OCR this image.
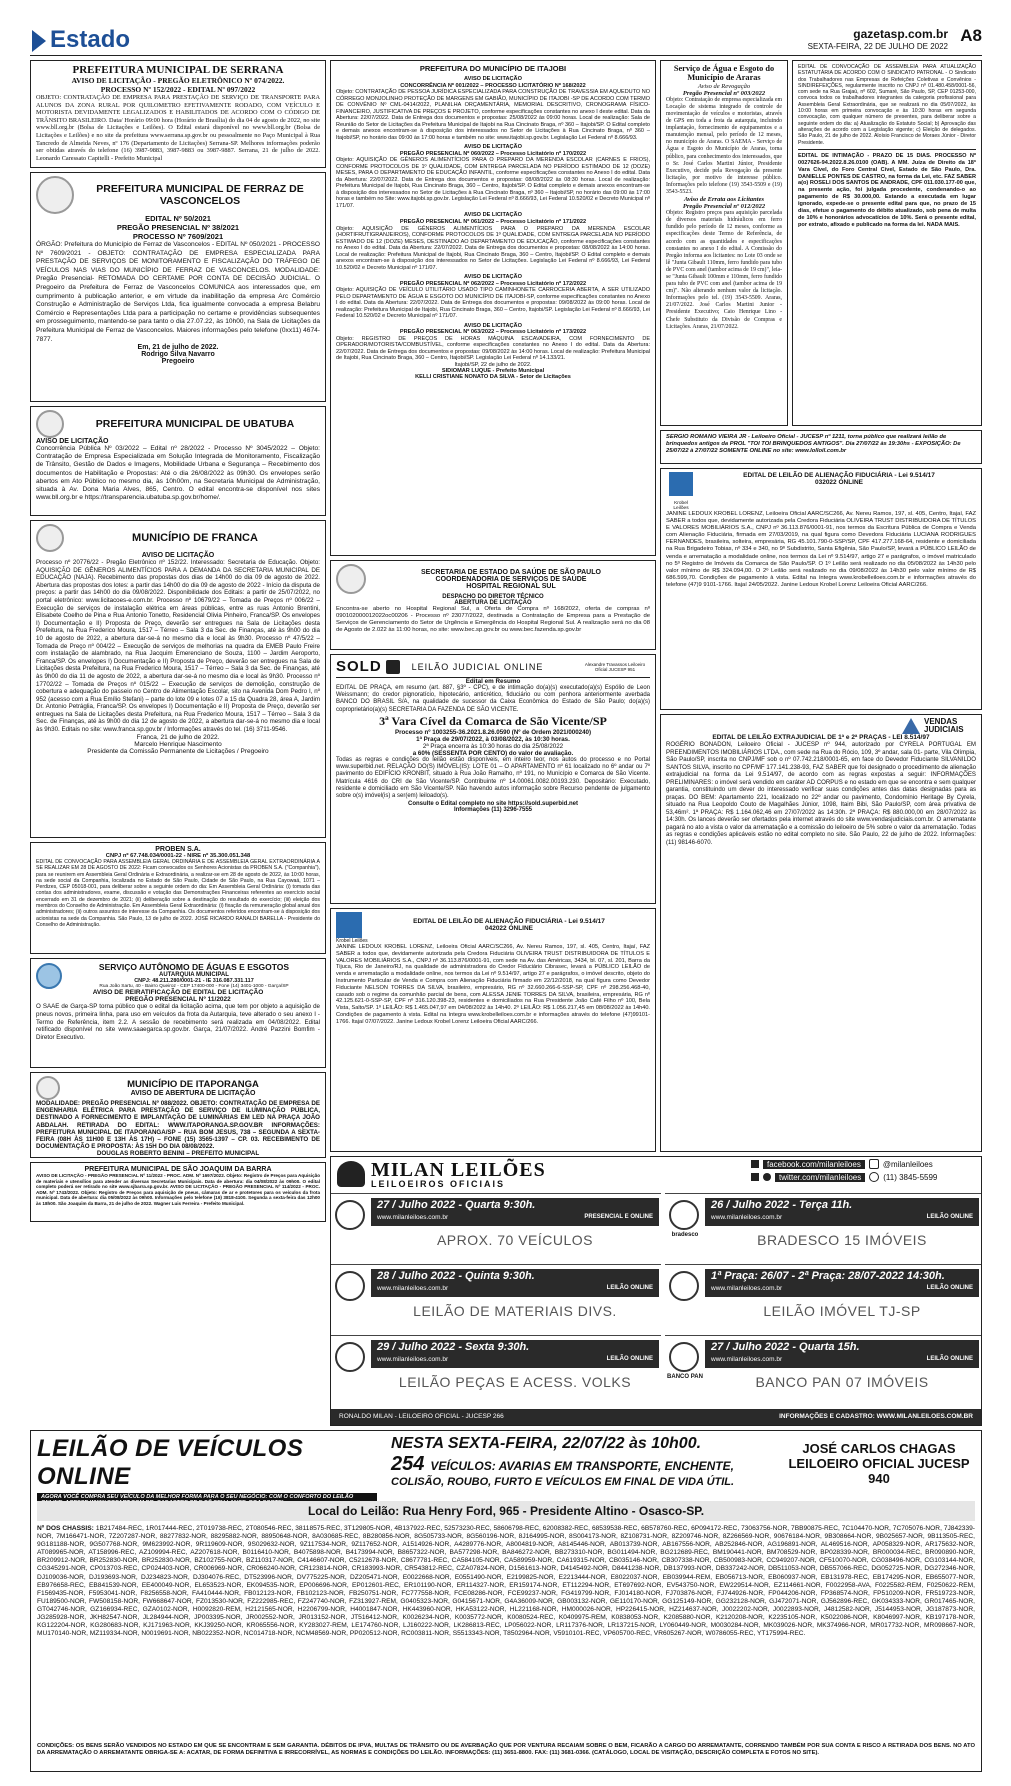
Estado	gazetasp.com.br A8
SEXTA-FEIRA, 22 DE JULHO DE 2022
PREFEITURA MUNICIPAL DE SERRANA
AVISO DE LICITAÇÃO - PREGÃO ELETRÔNICO Nº 074/2022.
PROCESSO Nº 152/2022 - EDITAL Nº 097/2022
OBJETO: CONTRATAÇÃO DE EMPRESA PARA PRESTAÇÃO DE SERVIÇO DE TRANSPORTE PARA ALUNOS DA ZONA RURAL POR QUILOMETRO EFETIVAMENTE RODADO, COM VEÍCULO E MOTORISTA DEVIDAMENTE LEGALIZADOS E HABILITADOS DE ACORDO COM O CÓDIGO DE TRÂNSITO BRASILEIRO. Data/ Horário 09:00 hora (Horário de Brasília) do dia 04 de agosto de 2022, no site www.bll.org.br (Bolsa de Licitações e Leilões). O Edital estará disponível no www.bll.org.br (Bolsa de Licitações e Leilões) e no site da prefeitura www.serrana.sp.gov.br ou pessoalmente no Paço Municipal à Rua Tancredo de Almeida Neves, nº 176 (Departamento de Licitações) Serrana-SP. Melhores informações poderão ser obtidas através do telefone (16) 3987-9883, 3987-9883 ou 3987-9887. Serrana, 21 de julho de 2022. Leonardo Caressato Capitelli - Prefeito Municipal
PREFEITURA MUNICIPAL DE FERRAZ DE VASCONCELOS
EDITAL Nº 50/2021
PREGÃO PRESENCIAL Nº 38/2021
PROCESSO Nº 7609/2021
ÓRGÃO: Prefeitura do Município de Ferraz de Vasconcelos - EDITAL Nº 050/2021 - PROCESSO Nº 7609/2021 - OBJETO: CONTRATAÇÃO DE EMPRESA ESPECIALIZADA PARA PRESTAÇÃO DE SERVIÇOS DE MONITORAMENTO E FISCALIZAÇÃO DO TRÁFEGO DE VEÍCULOS NAS VIAS DO MUNICÍPIO DE FERRAZ DE VASCONCELOS. MODALIDADE: Pregão Presencial- RETOMADA DO CERTAME POR CONTA DE DECISÃO JUDICIAL. O Pregoeiro da Prefeitura de Ferraz de Vasconcelos COMUNICA aos interessados que, em cumprimento à publicação anterior, e em virtude da inabilitação da empresa Arc Comércio Construção e Administração de Serviços Ltda, fica igualmente convocada a empresa Belabru Comércio e Representações Ltda para a participação no certame e providências subsequentes em prosseguimento, mantendo-se para tanto o dia 27.07.22, às 10h00, na Sala de Licitações da Prefeitura Municipal de Ferraz de Vasconcelos. Maiores informações pelo telefone (0xx11) 4674-7877.
Em, 21 de julho de 2022.
Rodrigo Silva Navarro
Pregoeiro
PREFEITURA MUNICIPAL DE UBATUBA
AVISO DE LICITAÇÃO
Concorrência Pública Nº 03/2022 – Edital nº 28/2022 - Processo Nº 3045/2022 – Objeto: Contratação de Empresa Especializada em Solução Integrada de Monitoramento, Fiscalização de Trânsito, Gestão de Dados e Imagens, Mobilidade Urbana e Segurança – Recebimento dos documentos de Habilitação e Propostas: Até o dia 26/08/2022 às 09h30. Os envelopes serão abertos em Ato Público no mesmo dia, às 10h00m, na Secretaria Municipal de Administração, situada à Av. Dona Maria Alves, 865, Centro. O edital encontra-se disponível nos sites www.bll.org.br e https://transparencia.ubatuba.sp.gov.br/home/.
MUNICÍPIO DE FRANCA
AVISO DE LICITAÇÃO
Processo nº 20776/22 - Pregão Eletrônico nº 152/22. Interessado: Secretaria de Educação. Objeto: AQUISIÇÃO DE GÊNEROS ALIMENTÍCIOS PARA A DEMANDA DA SECRETARIA MUNICIPAL DE EDUCAÇÃO (NAJA). Recebimento das propostas dos dias de 14h00 do dia 09 de agosto de 2022. Abertura das propostas dos lotes: a partir das 14h00 do dia 09 de agosto de 2022 - Início da disputa de preços: a partir das 14h00 do dia 09/08/2022. Disponibilidade dos Editais: a partir de 25/07/2022, no portal eletrônico: www.licitacoes-e.com.br. Processo nº 10679/22 – Tomada de Preços nº 006/22 – Execução de serviços de instalação elétrica em áreas públicas, entre as ruas Antonio Brentini, Elisabete Coelho de Pina e Rua Antonio Tonetto, Residencial Olivia Pinheiro, Franca/SP. Os envelopes I) Documentação e II) Proposta de Preço, deverão ser entregues na Sala de Licitações desta Prefeitura, na Rua Frederico Moura, 1517 – Térreo – Sala 3 da Sec. de Finanças, até às 9h00 do dia 10 de agosto de 2022, a abertura dar-se-á no mesmo dia e local às 9h30. Processo nº 47/5/22 – Tomada de Preço nº 004/22 – Execução de serviços de melhorias na quadra da EMEB Paulo Freire com instalação de alambrado, na Rua Jacquim Emerenciano de Souza, 1100 – Jardim Aeroporto, Franca/SP. Os envelopes I) Documentação e II) Proposta de Preço, deverão ser entregues na Sala de Licitações desta Prefeitura, na Rua Frederico Moura, 1517 – Térreo – Sala 3 da Sec. de Finanças, até às 9h00 do dia 11 de agosto de 2022, a abertura dar-se-á no mesmo dia e local às 9h30. Processo nº 17702/22 – Tomada de Preços nº 015/22 – Execução de serviços de demolição, construção de cobertura e adequação do passeio no Centro de Alimentação Escolar, sito na Avenida Dom Pedro I, nº 952 (acesso com a Rua Emílio Stefani) – parte do lote 09 e lotes 07 a 15 da Quadra 28, área A, Jardim Dr. Antonio Petráglia, Franca/SP. Os envelopes I) Documentação e II) Proposta de Preço, deverão ser entregues na Sala de Licitações desta Prefeitura, na Rua Frederico Moura, 1517 – Térreo – Sala 3 da Sec. de Finanças, até às 9h00 do dia 12 de agosto de 2022, a abertura dar-se-á no mesmo dia e local às 9h30. Editais no site: www.franca.sp.gov.br / Informações através do tel. (16) 3711-9546.
Franca, 21 de julho de 2022.
Marcelo Henrique Nascimento
Presidente da Comissão Permanente de Licitações / Pregoeiro
PROBEN S.A.
CNPJ nº 67.748.034/0001-22 - NIRE nº 35.300.051.348
EDITAL DE CONVOCAÇÃO PARA ASSEMBLEIA GERAL ORDINÁRIA E DE ASSEMBLEIA GERAL EXTRAORDINÁRIA A SE REALIZAR EM 28 DE AGOSTO DE 2022: Ficam convocados os Senhores Acionistas da PROBEN S.A. ("Companhia"), para se reunirem em Assembleia Geral Ordinária e Extraordinária, a realizar-se em 28 de agosto de 2022, às 10:00 horas, na sede social da Companhia, localizada no Estado de São Paulo, Cidade de São Paulo, na Rua Cayowaá, 1071 – Perdizes, CEP 05018-001, para deliberar sobre a seguinte ordem do dia: Em Assembleia Geral Ordinária: (i) tomada das contas dos administradores, exame, discussão e votação das Demonstrações Financeiras referentes ao exercício social encerrado em 31 de dezembro de 2021; (ii) deliberação sobre a destinação do resultado do exercício; (iii) eleição dos membros do Conselho de Administração. Em Assembleia Geral Extraordinária: (i) fixação da remuneração global anual dos administradores; (ii) outros assuntos de interesse da Companhia. Os documentos referidos encontram-se à disposição dos acionistas na sede da Companhia. São Paulo, 13 de julho de 2022. JOSÉ RICARDO RANALDI BARELLA - Presidente do Conselho de Administração.
SERVIÇO AUTÔNOMO DE ÁGUAS E ESGOTOS
AUTARQUIA MUNICIPAL
CNPJ: 48.211.280/0001-21 - IE 316.087.331.117
Rua João Sartu, 40 - Bairro Queiroz - CEP 17400-000 - Fone (14) 3401-1000 - Garça/SP
AVISO DE REIRATIFICAÇÃO DE EDITAL DE LICITAÇÃO
PREGÃO PRESENCIAL Nº 11/2022
O SAAE de Garça-SP torna público que o edital da licitação acima, que tem por objeto a aquisição de pneus novos, primeira linha, para uso em veículos da frota da Autarquia, teve alterado o seu anexo I - Termo de Referência, item 2.2. A sessão de recebimento será realizada em 04/08/2022. Edital retificado disponível no site www.saaegarca.sp.gov.br. Garça, 21/07/2022. André Pazzini Bomfim - Diretor Executivo.
MUNICÍPIO DE ITAPORANGA
AVISO DE ABERTURA DE LICITAÇÃO
MODALIDADE: PREGÃO PRESENCIAL Nº 088/2022. OBJETO: CONTRATAÇÃO DE EMPRESA DE ENGENHARIA ELÉTRICA PARA PRESTAÇÃO DE SERVIÇO DE ILUMINAÇÃO PÚBLICA, DESTINADO A FORNECIMENTO E IMPLANTAÇÃO DE LUMINÁRIAS EM LED NA PRAÇA JOÃO ABDALAH. RETIRADA DO EDITAL: WWW.ITAPORANGA.SP.GOV.BR INFORMAÇÕES: PREFEITURA MUNICIPAL DE ITAPORANGA/SP – RUA BOM JESUS, 738 – SEGUNDA A SEXTA-FEIRA (08H ÀS 11H00 E 13H ÀS 17H) – FONE (15) 3565-1397 – CP. 03. RECEBIMENTO DE DOCUMENTAÇÃO E PROPOSTA: ÀS 15H DO DIA 08/08/2022.
DOUGLAS ROBERTO BENINI – PREFEITO MUNICIPAL
PREFEITURA MUNICIPAL DE SÃO JOAQUIM DA BARRA
AVISO DE LICITAÇÃO - PREGÃO PRESENCIAL Nº 11/2022 - PROC. ADM. Nº 1697/2022. Objeto: Registro de Preços para Aquisição de materiais e utensílios para atender as diversas Secretarias Municipais. Data de abertura: dia 04/08/2022 às 09h00. O edital completo poderá ser retirado no site www.sjbarra.sp.gov.br. AVISO DE LICITAÇÃO - PREGÃO PRESENCIAL Nº 114/2022 - PROC. ADM. Nº 1743/2022. Objeto: Registro de Preços para aquisição de pneus, câmaras de ar e protetores para os veículos da frota municipal. Data de abertura: dia 05/08/2022 às 09h00. Informações pelo telefone (16) 3818-4100. Segunda a sexta-feira das 12h00 às 18h00. São Joaquim da Barra, 21 de julho de 2022. Wagner Luis Ferreira - Prefeito Municipal.
PREFEITURA DO MUNICÍPIO DE ITAJOBI
AVISO DE LICITAÇÃO
CONCORRÊNCIA Nº 001/2022 – PROCESSO LICITATÓRIO Nº 168/2022
Objeto: CONTRATAÇÃO DE PESSOA JURÍDICA ESPECIALIZADA PARA CONSTRUÇÃO DE TRAVESSIA EM AQUEDUTO NO CÓRREGO MONJOLINHO PROTEÇÃO DE MARGENS EM GABIÃO, MUNICÍPIO DE ITAJOBI -SP DE ACORDO COM TERMO DE CONVÊNIO Nº CML-0414/2022, PLANILHA ORÇAMENTÁRIA, MEMORIAL DESCRITIVO, CRONOGRAMA FÍSICO-FINANCEIRO, JUSTIFICATIVA DE PREÇOS E PROJETO, conforme especificações constantes no anexo I deste edital. Data da Abertura: 22/07/2022. Data de Entrega dos documentos e propostas: 25/08/2022 às 09:00 horas. Local de realização: Sala de Reunião do Setor de Licitações da Prefeitura Municipal de Itajobi na Rua Cincinato Braga, nº 360 – Itajobi/SP. O Edital completo e demais anexos encontram-se à disposição dos interessados no Setor de Licitações à Rua Cincinato Braga, nº 360 – Itajobi/SP, no horário das 09:00 às 17:00 horas e também no site: www.itajobi.sp.gov.br. Legislação Lei Federal nº 8.666/93.
AVISO DE LICITAÇÃO
PREGÃO PRESENCIAL Nº 060/2022 – Processo Licitatório nº 170/2022
Objeto: AQUISIÇÃO DE GÊNEROS ALIMENTÍCIOS PARA O PREPARO DA MERENDA ESCOLAR (CARNES E FRIOS), CONFORME PROTOCOLOS DE 1º QUALIDADE, COM ENTREGA PARCELADA NO PERÍODO ESTIMADO DE 12 (DOZE) MESES, PARA O DEPARTAMENTO DE EDUCAÇÃO INFANTIL, conforme especificações constantes no Anexo I do edital. Data da Abertura: 22/07/2022. Data de Entrega dos documentos e propostas: 08/08/2022 às 08:30 horas. Local de realização: Prefeitura Municipal de Itajobi, Rua Cincinato Braga, 360 – Centro, Itajobi/SP. O Edital completo e demais anexos encontram-se à disposição dos interessados no Setor de Licitações à Rua Cincinato Braga, nº 360 – Itajobi/SP, no horário das 09:00 às 17:00 horas e também no Site: www.itajobi.sp.gov.br. Legislação Lei Federal nº 8.666/93, Lei Federal 10.520/02 e Decreto Municipal nº 171/07.
AVISO DE LICITAÇÃO
PREGÃO PRESENCIAL Nº 061/2022 – Processo Licitatório nº 171/2022
Objeto: AQUISIÇÃO DE GÊNEROS ALIMENTÍCIOS PARA O PREPARO DA MERENDA ESCOLAR (HORTIFRUTIGRANJEIROS), CONFORME PROTOCOLOS DE 1º QUALIDADE, COM ENTREGA PARCELADA NO PERÍODO ESTIMADO DE 12 (DOZE) MESES, DESTINADO AO DEPARTAMENTO DE EDUCAÇÃO, conforme especificações constantes no Anexo I do edital. Data da Abertura: 22/07/2022. Data de Entrega dos documentos e propostas: 08/08/2022 às 14:00 horas. Local de realização: Prefeitura Municipal de Itajobi, Rua Cincinato Braga, 360 – Centro, Itajobi/SP. O Edital completo e demais anexos encontram-se à disposição dos interessados no Setor de Licitações. Legislação Lei Federal nº 8.666/93, Lei Federal 10.520/02 e Decreto Municipal nº 171/07.
AVISO DE LICITAÇÃO
PREGÃO PRESENCIAL Nº 062/2022 – Processo Licitatório nº 172/2022
Objeto: AQUISIÇÃO DE VEÍCULO UTILITÁRIO USADO TIPO CAMINHONETE CARROCERIA ABERTA, A SER UTILIZADO PELO DEPARTAMENTO DE ÁGUA E ESGOTO DO MUNICÍPIO DE ITAJOBI-SP, conforme especificações constantes no Anexo I do edital. Data da Abertura: 22/07/2022. Data de Entrega dos documentos e propostas: 09/08/2022 às 09:00 horas. Local de realização: Prefeitura Municipal de Itajobi, Rua Cincinato Braga, 360 – Centro, Itajobi/SP. Legislação Lei Federal nº 8.666/93, Lei Federal 10.520/02 e Decreto Municipal nº 171/07.
AVISO DE LICITAÇÃO
PREGÃO PRESENCIAL Nº 063/2022 – Processo Licitatório nº 173/2022
Objeto: REGISTRO DE PREÇOS DE HORAS MÁQUINA ESCAVADEIRA, COM FORNECIMENTO DE OPERADOR/MOTORISTA/COMBUSTÍVEL, conforme especificações constantes no Anexo I do edital. Data da Abertura: 22/07/2022. Data de Entrega dos documentos e propostas: 09/08/2022 às 14:00 horas. Local de realização: Prefeitura Municipal de Itajobi, Rua Cincinato Braga, 360 – Centro, Itajobi/SP. Legislação Lei Federal nº 14.133/21.
Itajobi/SP, 22 de julho de 2022.
SIDIOMAR LUQUE - Prefeito Municipal
KELLI CRISTIANE NONATO DA SILVA - Setor de Licitações
SECRETARIA DE ESTADO DA SAÚDE DE SÃO PAULO
COORDENADORIA DE SERVIÇOS DE SAÚDE
HOSPITAL REGIONAL SUL
DESPACHO DO DIRETOR TÉCNICO
ABERTURA DE LICITAÇÃO
Encontra-se aberto no Hospital Regional Sul, a Oferta de Compra nº 168/2022, oferta de compras nº 090102000012022oc00206 - Processo nº 23077/2022, destinada a Contratação de Empresa para a Prestação de Serviços de Gerenciamento do Setor de Urgência e Emergência do Hospital Regional Sul. A realização será no dia 08 de Agosto de 2.022 às 11:00 horas, no site: www.bec.sp.gov.br ou www.bec.fazenda.sp.gov.br
SOLD	LEILÃO JUDICIAL ONLINE	Alexandre Travassos Leiloeiro Oficial JUCESP 951
Edital em Resumo
EDITAL DE PRAÇA, em resumo (art. 887, §3º - CPC), e de intimação do(a)(s) executado(a)(s) Espólio de Leon Weissmann; do credor pignoratício, hipotecário, anticrético, fiduciário ou com penhora anteriormente averbada BANCO DO BRASIL S/A, na qualidade de sucessor da Caixa Econômica do Estado de São Paulo; do(a)(s) coproprietário(a)(s) SECRETARIA DA FAZENDA DE SÃO VICENTE.
3ª Vara Cível da Comarca de São Vicente/SP
Processo nº 1003255-36.2021.8.26.0590 (Nº de Ordem 2021/000240)
1ª Praça de 29/07/2022, à 03/08/2022, às 10:30 horas.
2ª Praça encerra às 10:30 horas do dia 25/08/2022
a 60% (SESSENTA POR CENTO) do valor de avaliação.
Todas as regras e condições do leilão estão disponíveis, em inteiro teor, nos autos do processo e no Portal www.superbid.net. RELAÇÃO DO(S) IMÓVEL(IS): LOTE 01 – O APARTAMENTO nº 61 localizado no 6º andar ou 7º pavimento do EDIFÍCIO KRONBIT, situado à Rua João Ramalho, nº 191, no Município e Comarca de São Vicente. Matrícula 4616 do CRI de São Vicente/SP. Contribuinte nº 14.00061.0082.00193.230. Depositário: Executado, residente e domiciliado em São Vicente/SP. Não havendo autos informação sobre Recurso pendente de julgamento sobre o(s) imóvel(is) a ser(em) leiloado(s).
Consulte o Edital completo no site https://sold.superbid.net
Informações (11) 3296-7555
EDITAL DE LEILÃO DE ALIENAÇÃO FIDUCIÁRIA - Lei 9.514/17
042022 ONLINE
Krobel Leilões
JANINE LEDOUX KROBEL LORENZ, Leiloeira Oficial AARC/SC266, Av. Nereu Ramos, 197, sl. 405, Centro, Itajaí, FAZ SABER a todos que, devidamente autorizada pela Credora Fiduciária OLIVEIRA TRUST DISTRIBUIDORA DE TÍTULOS E VALORES MOBILIÁRIOS S.A., CNPJ nº 36.113.876/0001-91, com sede na Av. das Américas, 3434, bl. 07, sl. 201, Barra da Tijuca, Rio de Janeiro/RJ, na qualidade de administradora do Credor Fiduciário Cibrasec, levará a PÚBLICO LEILÃO de venda e arrematação a modalidade online, nos termos da Lei nº 9.514/97, artigo 27 e parágrafos, o imóvel descrito, objeto do Instrumento Particular de Venda e Compra com Alienação Fiduciária firmado em 22/12/2018, na qual figura como Devedor Fiduciante NELSON TORRES DA SILVA, brasileiro, empresário, RG nº 32.660.266-6-SSP-SP, CPF nº 298.256.468-40, casado sob o regime da comunhão parcial de bens, com ALESSA JENIE TORRES DA SILVA, brasileira, empresária, RG nº 42.125.621-0-SSP-SP, CPF nº 316.120.398-23, residentes e domiciliados na Rua Presidente João Café Filho nº 100, Bela Vista, Salto/SP. 1º LEILÃO: R$ 1.465.047,97 em 04/08/2022 às 14h40. 2º LEILÃO: R$ 1.056.217,45 em 08/08/2022 às 14h40. Condições de pagamento à vista. Edital na íntegra www.krobelleiloes.com.br e informações através do telefone (47)99101-1766. Itajaí 07/07/2022. Janine Ledoux Krobel Lorenz Leiloeira Oficial AARC/266.
Serviço de Água e Esgoto do Município de Araras
Aviso de Revogação
Pregão Presencial nº 003/2022
Objeto: Contratação de empresa especializada em Locação de sistema integrado de controle de movimentação de veículos e motoristas, através de GPS em toda a frota da autarquia, incluindo implantação, fornecimento de equipamentos e a manutenção mensal, pelo período de 12 meses, no município de Araras. O SAEMA - Serviço de Água e Esgoto do Município de Araras, torna público, para conhecimento dos interessados, que o Sr. José Carlos Martini Júnior, Presidente Executivo, decide pela Revogação da presente licitação, por motivo de interesse público. Informações pelo telefone (19) 3543-5509 e (19) 3543-5523.
Aviso de Errata aos Licitantes
Pregão Presencial nº 012/2022
Objeto: Registro preços para aquisição parcelada de diversos materiais hidráulicos em ferro fundido pelo período de 12 meses, conforme as especificações deste Termo de Referência, de acordo com as quantidades e especificações constantes no anexo I do edital. A Comissão do Pregão informa aos licitantes: no Lote 03 onde se lê "Junta Gibault 110mm, ferro fundido para tubo de PVC com anel (tambor acima de 19 cm)", leia-se "Junta Gibault 100mm e 110mm, ferro fundido para tubo de PVC com anel (tambor acima de 19 cm)". Não alterando nenhum valor da licitação. Informações pelo tel. (19) 3543-5509. Araras, 21/07/2022. José Carlos Martini Junior - Presidente Executivo; Caio Henrique Lino - Chefe Substituto da Divisão de Compras e Licitações. Araras, 21/07/2022.
EDITAL DE CONVOCAÇÃO DE ASSEMBLEIA PARA ATUALIZAÇÃO ESTATUTÁRIA DE ACORDO COM O SINDICATO PATRONAL - O Sindicato dos Trabalhadores nas Empresas de Refeições Coletivas e Convênios - SINDIREFEIÇÕES, regularmente inscrito no CNPJ nº 01.480.458/0001-56, com sede na Rua Grajaú, nº 602, Sumaré, São Paulo, SP, CEP 01253-000, convoca todos os trabalhadores integrantes da categoria profissional para Assembleia Geral Extraordinária, que se realizará no dia 05/07/2022, às 10:00 horas em primeira convocação e às 10:30 horas em segunda convocação, com qualquer número de presentes, para deliberar sobre a seguinte ordem do dia: a) Atualização do Estatuto Social; b) Aprovação das alterações de acordo com a Legislação vigente; c) Eleição de delegados. São Paulo, 21 de julho de 2022. Aloísio Francisco de Moraes Júnior - Diretor Presidente.
EDITAL DE INTIMAÇÃO - PRAZO DE 15 DIAS. PROCESSO Nº 0027626-94.2022.8.26.0100 (OAB). A MM. Juíza de Direito da 18ª Vara Cível, do Foro Central Cível, Estado de São Paulo, Dra. DANIELLE PONTES DE CASTRO, na forma da Lei, etc. FAZ SABER a(o) ROSELI DOS SANTOS DE ANDRADE, CPF 011.030.177-00 que, na presente ação, foi julgada procedente, condenando-o ao pagamento de R$ 30.000,00. Estando a executada em lugar ignorado, expede-se o presente edital para que, no prazo de 15 dias, efetue o pagamento do débito atualizado, sob pena de multa de 10% e honorários advocatícios de 10%. Será o presente edital, por extrato, afixado e publicado na forma da lei. NADA MAIS.
SERGIO ROMANO VIEIRA JR - Leiloeiro Oficial - JUCESP nº 1211, torna público que realizará leilão de brinquedos antigos da PROL "TOI TOI BRINQUEDOS ANTIGOS". Dia 27/07/22 às 19:30hs - EXPOSIÇÃO: De 25/07/22 à 27/07/22 SOMENTE ONLINE no site: www.lolloil.com.br
Krobel Leilões
EDITAL DE LEILÃO DE ALIENAÇÃO FIDUCIÁRIA - Lei 9.514/17
032022 ONLINE
JANINE LEDOUX KROBEL LORENZ, Leiloeira Oficial AARC/SC266, Av. Nereu Ramos, 197, sl. 405, Centro, Itajaí, FAZ SABER a todos que, devidamente autorizada pela Credora Fiduciária OLIVEIRA TRUST DISTRIBUIDORA DE TÍTULOS E VALORES MOBILIÁRIOS S.A., CNPJ nº 36.113.876/0001-91, nos termos da Escritura Pública de Compra e Venda com Alienação Fiduciária, firmada em 27/03/2019, na qual figura como Devedora Fiduciária LUCIANA RODRIGUES FERNANDES, brasileira, solteira, empresária, RG 45.101.790-0-SSP/SP, CPF 417.277.168-64, residente e domiciliada na Rua Brigadeiro Tobias, nº 334 e 340, no 9º Subdistrito, Santa Efigênia, São Paulo/SP, levará a PÚBLICO LEILÃO de venda e arrematação a modalidade online, nos termos da Lei nº 9.514/97, artigo 27 e parágrafos, o imóvel matriculado no 5º Registro de Imóveis da Comarca de São Paulo/SP. O 1º Leilão será realizado no dia 05/08/2022 às 14h30 pelo valor mínimo de R$ 324.094,00. O 2º Leilão será realizado no dia 09/08/2022 às 14h30 pelo valor mínimo de R$ 686.599,70. Condições de pagamento à vista. Edital na íntegra www.krobelleiloes.com.br e informações através do telefone (47)9 9101-1766. Itajaí 24/05/2022. Janine Ledoux Krobel Lorenz Leiloeira Oficial AARC/266.
VENDAS JUDICIAIS
EDITAL DE LEILÃO EXTRAJUDICIAL DE 1ª e 2ª PRAÇAS - LEI 8.514/97
ROGÉRIO BONADON, Leiloeiro Oficial - JUCESP nº 944, autorizado por CYRELA PORTUGAL EM PREENDIMENTOS IMOBILIÁRIOS LTDA., com sede na Rua do Rócio, 109, 3º andar, sala 01- parte, Vila Olímpia, São Paulo/SP, inscrita no CNPJ/MF sob o nº 07.742.218/0001-65, em face do Devedor Fiduciante SILVANILDO SANTOS SILVA, inscrito no CPF/MF 177.141.238-93, FAZ SABER que foi designado o procedimento de alienação extrajudicial na forma da Lei 9.514/97, de acordo com as regras expostas a seguir: INFORMAÇÕES PRELIMINARES: o imóvel será vendido em caráter AD CORPUS e no estado em que se encontra e sem qualquer garantia, constituindo um dever do interessado verificar suas condições antes das datas designadas para as praças. DO BEM: Apartamento 221, localizado no 22º andar ou pavimento, Condomínio Heritage By Cyrela, situado na Rua Leopoldo Couto de Magalhães Júnior, 1098, Itaim Bibi, São Paulo/SP, com área privativa de 53,46m². 1ª PRAÇA: R$ 1.164.062,46 em 27/07/2022 às 14:30h. 2ª PRAÇA: R$ 880.000,00 em 28/07/2022 às 14:30h. Os lances deverão ser ofertados pela internet através do site www.vendasjudiciais.com.br. O arrematante pagará no ato a vista o valor da arrematação e a comissão do leiloeiro de 5% sobre o valor da arrematação. Todas as regras e condições aplicáveis estão no edital completo no site. São Paulo, 22 de julho de 2022. Informações: (11) 98146-6070.
MILAN LEILÕES
LEILOEIROS OFICIAIS
facebook.com/milanleiloes	@milanleiloes
twitter.com/milanleiloes	(11) 3845-5599
27 / Julho 2022 - Quarta 9:30h.
www.milanleiloes.com.br	PRESENCIAL E ONLINE
APROX. 70 VEÍCULOS
28 / Julho 2022 - Quinta 9:30h.
www.milanleiloes.com.br	LEILÃO ONLINE
LEILÃO DE MATERIAIS DIVS.
29 / Julho 2022 - Sexta 9:30h.
www.milanleiloes.com.br	LEILÃO ONLINE
LEILÃO PEÇAS E ACESS. VOLKS
bradesco
26 / Julho 2022 - Terça 11h.
www.milanleiloes.com.br	LEILÃO ONLINE
BRADESCO 15 IMÓVEIS
1ª Praça: 26/07 - 2ª Praça: 28/07-2022 14:30h.
www.milanleiloes.com.br	LEILÃO ONLINE
LEILÃO IMÓVEL TJ-SP
BANCO PAN
27 / Julho 2022 - Quarta 15h.
www.milanleiloes.com.br	LEILÃO ONLINE
BANCO PAN 07 IMÓVEIS
RONALDO MILAN - LEILOEIRO OFICIAL - JUCESP 266	INFORMAÇÕES E CADASTRO: WWW.MILANLEILOES.COM.BR
LEILÃO DE VEÍCULOS ONLINE
AGORA VOCÊ COMPRA SEU VEÍCULO DA MELHOR FORMA PARA O SEU NEGÓCIO: COM O CONFORTO DO LEILÃO
NESTA SEXTA-FEIRA, 22/07/22 às 10h00.
254 VEÍCULOS: AVARIAS EM TRANSPORTE, ENCHENTE,
COLISÃO, ROUBO, FURTO E VEÍCULOS EM FINAL DE VIDA ÚTIL.
JOSÉ CARLOS CHAGAS
LEILOEIRO OFICIAL JUCESP 940
Local do Leilão: Rua Henry Ford, 965 - Presidente Altino - Osasco-SP.
Nº DOS CHASSIS: 1B217484-REC, 1R017444-REC, 2T019738-REC, 2T080546-REC, 38118575-REC, 3T129805-NOR, 4B137922-REC, 52573230-REC, 58606798-REC, 62008382-REC, 68539538-REC, 6B578760-REC, 6P094172-REC, 73063756-NOR, 7BB90875-REC, 7C104470-NOR, 7C705076-NOR, 7J842339-NOR, 7M166471-NOR, 7Z207287-NOR, 88277832-NOR, 88295882-NOR, 88950648-NOR, 8A030685-REC, 8B280856-NOR, 8G505733-NOR, 8G560196-NOR, 8J164995-NOR, 8S004173-NOR, 8Z108731-NOR, 8Z209746-NOR, 8Z266569-NOR, 90676184-NOR, 9B308664-NOR, 9B025657-NOR, 9B113505-REC, 9G181188-NOR, 9G507768-NOR, 9M623992-NOR, 9R119609-NOR, 9S029632-NOR, 9Z117534-NOR, 9Z117652-NOR, A1514926-NOR, A4289776-NOR, A8004819-NOR, A8145446-NOR, AB013739-NOR, AB167556-NOR, AB252846-NOR, AG196891-NOR, AL469516-NOR, AP058329-NOR, AR175632-NOR, AT089965-NOR, AT158996-REC, AZ109994-REC, AZ207618-NOR, B0116410-NOR, B4075898-NOR, B4173994-NOR, B8657322-NOR, BA577298-NOR, BA846272-NOR, BB273310-NOR, BG011494-NOR, BG212689-REC, BM190441-NOR, BM708529-NOR, BP028339-NOR, BR000034-REC, BR090890-NOR, BR209912-NOR, BR252830-NOR, BR252830-NOR, BZ102755-NOR, BZ110317-NOR, C4146607-NOR, C5212678-NOR, C8677781-REC, CA584105-NOR, CA589959-NOR, CA619315-NOR, CB035146-NOR, CB307338-NOR, CB500983-NOR, CC949207-NOR, CF510070-NOR, CG038496-NOR, CG103144-NOR, CG345291-NOR, CP013703-REC, CP024403-NOR, CR006969-NOR, CR066240-NOR, CR123814-NOR, CR183993-NOR, CR543812-REC, CZA07824-NOR, D1561613-NOR, D4145492-NOR, D8441238-NOR, DB137993-NOR, DB337242-NOR, DB511053-NOR, DB557066-REC, DG052725-NOR, DG272346-NOR, DJ109036-NOR, DJ193693-NOR, DJ234823-NOR, DJ304076-REC, DT523996-NOR, DV775225-NOR, DZ205471-NOR, E0022668-NOR, E0551490-NOR, E2199825-NOR, E2213444-NOR, E8022037-NOR, EB039944-REM, EB056713-NOR, EB060937-NOR, EB131978-REC, EB174295-NOR, EB655077-NOR, EB976658-REC, EB841539-NOR, EE400049-NOR, EL653523-NOR, EK094535-NOR, EP006696-NOR, EP012601-REC, ER101190-NOR, ER114327-NOR, ER159174-NOR, ET112294-NOR, ET697692-NOR, EV543750-NOR, EW229514-NOR, EZ114661-NOR, F0022958-AVA, F0225582-REM, F0250622-REM, F1569435-NOR, F5953041-NOR, F8256558-NOR, FA410444-NOR, FB012123-NOR, FB102123-NOR, FB250751-NOR, FC777558-NOR, FCE08286-NOR, FCE99237-NOR, FG419799-NOR, FJ014180-NOR, FJ703876-NOR, FJ744926-NOR, FP044206-NOR, FP368574-NOR, FP510209-NOR, FR519723-NOR, FU189500-NOR, FW508158-NOR, FW668647-NOR, FZ013530-NOR, FZ222985-REC, FZ247740-NOR, FZ313927-REM, G0405323-NOR, G0415671-NOR, G4A36009-NOR, GB003132-NOR, GE110170-NOR, GG125149-NOR, GG232128-NOR, GJ472071-NOR, GJ562896-REC, GK034333-NOR, GR017465-NOR, GT042746-NOR, GZ166934-REC, GZA0102-NOR, H0092820-REM, H2121565-NOR, H2206799-NOR, H4001847-NOR, HK443960-NOR, HKA53122-NOR, HL221168-NOR, HM000026-NOR, HP226415-NOR, HZ214637-NOR, J0022202-NOR, J0022893-NOR, J4812582-NOR, J5144953-NOR, JG187873-NOR, JG285928-NOR, JKH82547-NOR, JL284944-NOR, JP003395-NOR, JR002552-NOR, JR013152-NOR, JT516412-NOR, K0026234-NOR, K0035772-NOR, K0080524-REC, K0409975-REM, K0838053-NOR, K2085880-NOR, K2120208-NOR, K2235105-NOR, K5022086-NOR, K8046997-NOR, KB197178-NOR, KG122204-NOR, KG280683-NOR, KJ171963-NOR, KKJ39250-NOR, KR065556-NOR, KY283027-REM, LE174760-NOR, LJ160222-NOR, LK286813-REC, LP056022-NOR, LR117376-NOR, LR137215-NOR, LY060449-NOR, M0030284-NOR, MK039026-NOR, MK374966-NOR, MR017732-NOR, MR098667-NOR, MU170140-NOR, MZ119334-NOR, N0019691-NOR, NB022352-NOR, NC014718-NOR, NCM48569-NOR, PP020512-NOR, RC003811-NOR, S5513343-NOR, T8502964-NOR, V5910101-REC, VP605700-REC, VR605267-NOR, W0786055-REC, YT175994-REC.
CONDIÇÕES: OS BENS SERÃO VENDIDOS NO ESTADO EM QUE SE ENCONTRAM E SEM GARANTIA. DÉBITOS DE IPVA, MULTAS DE TRÂNSITO OU DE AVERBAÇÃO QUE POR VENTURA RECAIAM SOBRE O BEM, FICARÃO A CARGO DO ARREMATANTE, CORRENDO TAMBÉM POR SUA CONTA E RISCO A RETIRADA DOS BENS. NO ATO DA ARREMATAÇÃO O ARREMATANTE OBRIGA-SE A: ACATAR, DE FORMA DEFINITIVA E IRRECORRÍVEL, AS NORMAS E CONDIÇÕES DO LEILÃO. INFORMAÇÕES: (11) 3651-8800. FAX: (11) 3681-0366. (CATÁLOGO, LOCAL DE VISITAÇÃO, DESCRIÇÃO COMPLETA E FOTOS NO SITE).
